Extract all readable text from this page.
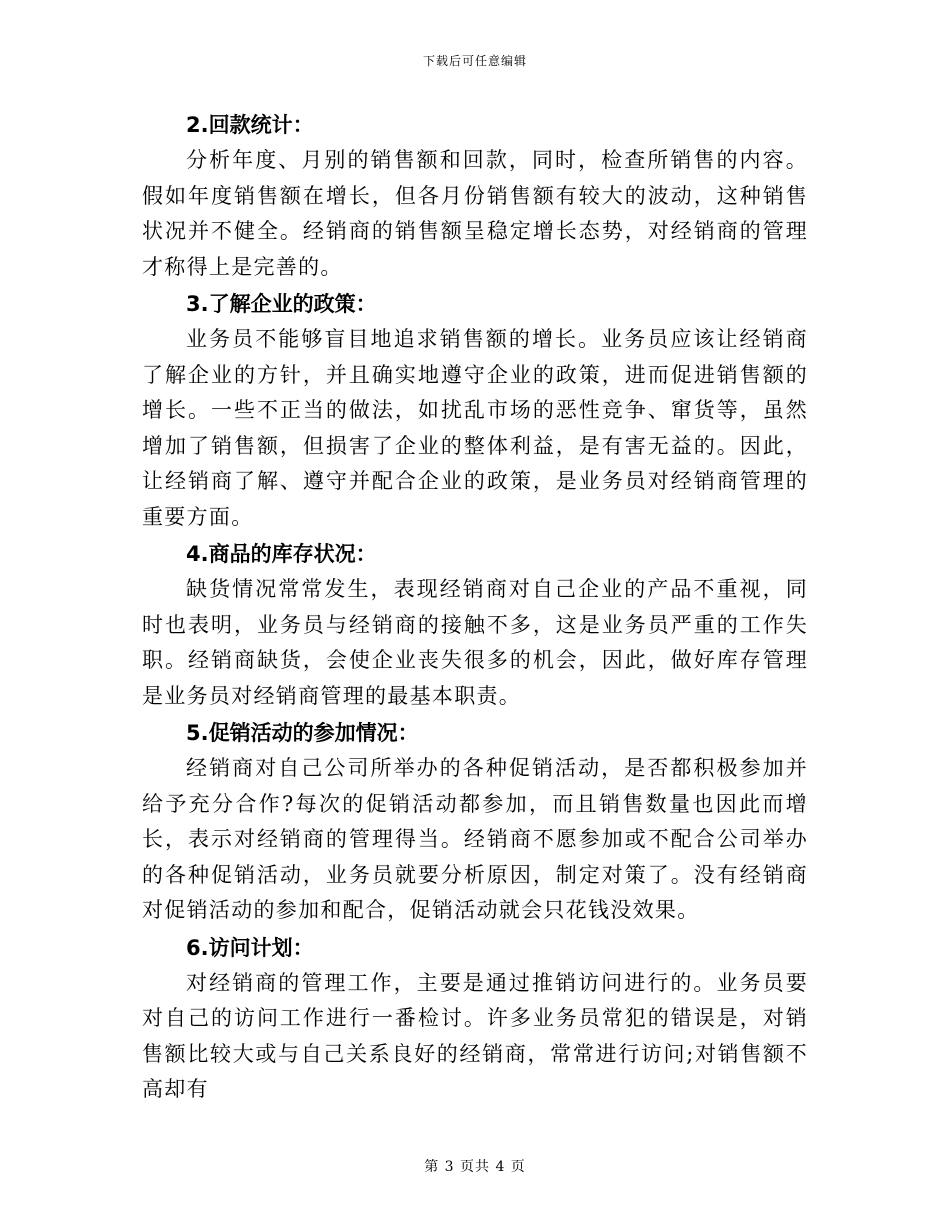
下载后可任意编辑
2.回款统计：

分析年度、月别的销售额和回款，同时，检查所销售的内容。假如年度销售额在增长，但各月份销售额有较大的波动，这种销售状况并不健全。经销商的销售额呈稳定增长态势，对经销商的管理才称得上是完善的。

3.了解企业的政策：

业务员不能够盲目地追求销售额的增长。业务员应该让经销商了解企业的方针，并且确实地遵守企业的政策，进而促进销售额的增长。一些不正当的做法，如扰乱市场的恶性竞争、窜货等，虽然增加了销售额，但损害了企业的整体利益，是有害无益的。因此，让经销商了解、遵守并配合企业的政策，是业务员对经销商管理的重要方面。

4.商品的库存状况：

缺货情况常常发生，表现经销商对自己企业的产品不重视，同时也表明，业务员与经销商的接触不多，这是业务员严重的工作失职。经销商缺货，会使企业丧失很多的机会，因此，做好库存管理是业务员对经销商管理的最基本职责。

5.促销活动的参加情况：

经销商对自己公司所举办的各种促销活动，是否都积极参加并给予充分合作?每次的促销活动都参加，而且销售数量也因此而增长，表示对经销商的管理得当。经销商不愿参加或不配合公司举办的各种促销活动，业务员就要分析原因，制定对策了。没有经销商对促销活动的参加和配合，促销活动就会只花钱没效果。

6.访问计划：

对经销商的管理工作，主要是通过推销访问进行的。业务员要对自己的访问工作进行一番检讨。许多业务员常犯的错误是，对销售额比较大或与自己关系良好的经销商，常常进行访问;对销售额不高却有

第 3 页共 4 页
